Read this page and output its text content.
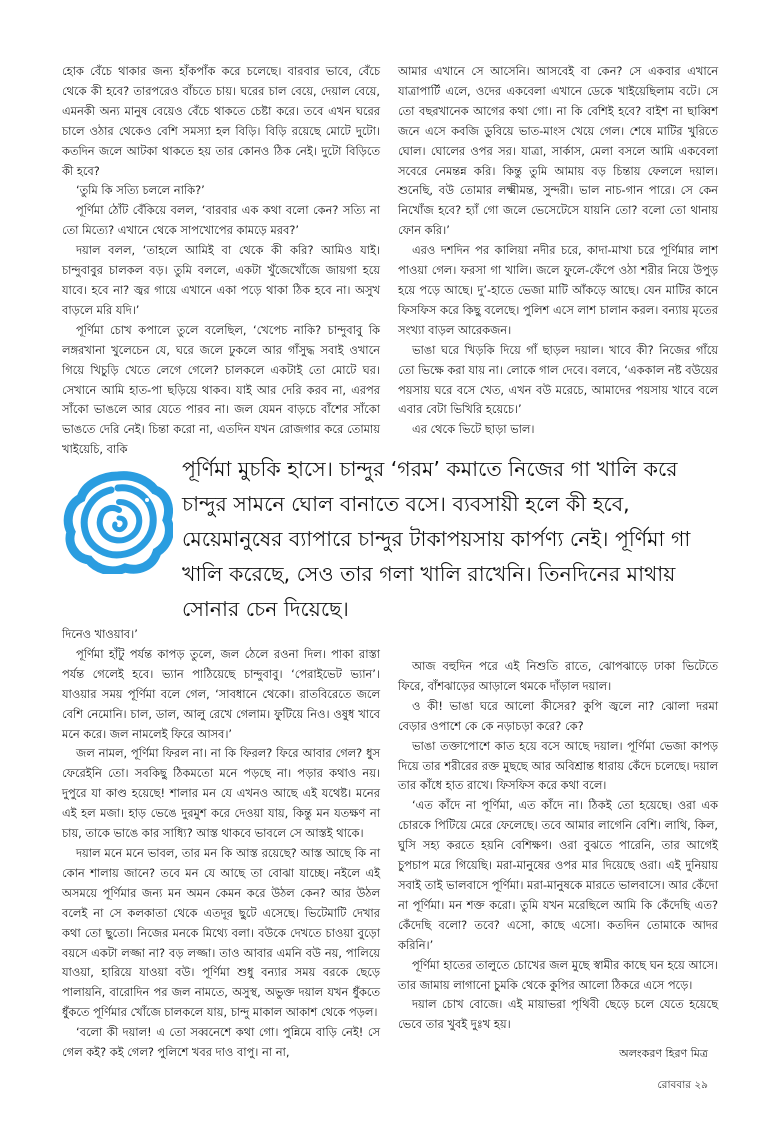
হোক বেঁচে থাকার জন্য হাঁকপাঁক করে চলেছে। বারবার ভাবে, বেঁচে থেকে কী হবে? তারপরেও বাঁচতে চায়। ঘরের চাল বেয়ে, দেয়াল বেয়ে, এমনকী অন্য মানুষ বেয়েও বেঁচে থাকতে চেষ্টা করে। তবে এখন ঘরের চালে ওঠার থেকেও বেশি সমস্যা হল বিড়ি। বিড়ি রয়েছে মোটে দুটো। কতদিন জলে আটকা থাকতে হয় তার কোনও ঠিক নেই। দুটো বিড়িতে কী হবে?

‘তুমি কি সত্যি চললে নাকি?’

পূর্ণিমা ঠোঁট বেঁকিয়ে বলল, ‘বারবার এক কথা বলো কেন? সত্যি না তো মিত্যে? এখানে থেকে সাপখোপের কামড়ে মরব?’

দয়াল বলল, ‘তাহলে আমিই বা থেকে কী করি? আমিও যাই। চান্দুবাবুর চালকল বড়। তুমি বললে, একটা খুঁজেখোঁজে জায়গা হয়ে যাবে। হবে না? জ্বর গায়ে এখানে একা পড়ে থাকা ঠিক হবে না। অসুখ বাড়লে মরি যদি।’

পূর্ণিমা চোখ কপালে তুলে বলেছিল, ‘খেপেচ নাকি? চান্দুবাবু কি লঙ্গরখানা খুলেচেন যে, ঘরে জলে ঢুকলে আর গাঁসুদ্ধ সবাই ওখানে গিয়ে খিচুড়ি খেতে লেগে গেলে? চালকলে একটাই তো মোটে ঘর। সেখানে আমি হাত-পা ছড়িয়ে থাকব। যাই আর দেরি করব না, এরপর সাঁকো ভাঙলে আর যেতে পারব না। জল যেমন বাড়চে বাঁশের সাঁকো ভাঙতে দেরি নেই। চিন্তা করো না, এতদিন যখন রোজগার করে তোমায় খাইয়েচি, বাকি

আমার এখানে সে আসেনি। আসবেই বা কেন? সে একবার এখানে যাত্রাপার্টি এলে, ওদের একবেলা এখানে ডেকে খাইয়েছিলাম বটে। সে তো বছরখানেক আগের কথা গো। না কি বেশিই হবে? বাইশ না ছাব্বিশ জনে এসে কবজি ডুবিয়ে ভাত-মাংস খেয়ে গেল। শেষে মাটির খুরিতে ঘোল। ঘোলের ওপর সর। যাত্রা, সার্কাস, মেলা বসলে আমি একবেলা সবেরে নেমন্তন্ন করি। কিন্তু তুমি আমায় বড় চিন্তায় ফেললে দয়াল। শুনেছি, বউ তোমার লক্ষ্মীমন্ত, সুন্দরী। ভাল নাচ-গান পারে। সে কেন নিখোঁজ হবে? হ্যাঁ গো জলে ভেসেটেসে যায়নি তো? বলো তো থানায় ফোন করি।’

এরও দশদিন পর কালিয়া নদীর চরে, কাদা-মাখা চরে পূর্ণিমার লাশ পাওয়া গেল। ফরসা গা খালি। জলে ফুলে-ফেঁপে ওঠা শরীর নিয়ে উপুড় হয়ে পড়ে আছে। দু’-হাতে ভেজা মাটি আঁকড়ে আছে। যেন মাটির কানে ফিসফিস করে কিছু বলেছে। পুলিশ এসে লাশ চালান করল। বন্যায় মৃতের সংখ্যা বাড়ল আরেকজন।

ভাঙা ঘরে খিড়কি দিয়ে গাঁ ছাড়ল দয়াল। খাবে কী? নিজের গাঁয়ে তো ভিক্ষে করা যায় না। লোকে গাল দেবে। বলবে, ‘এককাল নষ্ট বউয়ের পয়সায় ঘরে বসে খেত, এখন বউ মরেচে, আমাদের পয়সায় খাবে বলে এবার বেটা ভিখিরি হয়েচে।’

এর থেকে ভিটে ছাড়া ভাল।

পূর্ণিমা মুচকি হাসে। চান্দুর ‘গরম’ কমাতে নিজের গা খালি করে চান্দুর সামনে ঘোল বানাতে বসে। ব্যবসায়ী হলে কী হবে, মেয়েমানুষের ব্যাপারে চান্দুর টাকাপয়সায় কার্পণ্য নেই। পূর্ণিমা গা খালি করেছে, সেও তার গলা খালি রাখেনি। তিনদিনের মাথায় সোনার চেন দিয়েছে।

দিনেও খাওয়াব।’

পূর্ণিমা হাঁটু পর্যন্ত কাপড় তুলে, জল ঠেলে রওনা দিল। পাকা রাস্তা পর্যন্ত গেলেই হবে। ভ্যান পাঠিয়েছে চান্দুবাবু। ‘পেরাইভেট ভ্যান’। যাওয়ার সময় পূর্ণিমা বলে গেল, ‘সাবধানে থেকো। রাতবিরেতে জলে বেশি নেমোনি। চাল, ডাল, আলু রেখে গেলাম। ফুটিয়ে নিও। ওষুধ খাবে মনে করে। জল নামলেই ফিরে আসব।’

জল নামল, পূর্ণিমা ফিরল না। না কি ফিরল? ফিরে আবার গেল? ধুস ফেরেইনি তো। সবকিছু ঠিকমতো মনে পড়ছে না। পড়ার কথাও নয়। দুপুরে যা কাণ্ড হয়েছে! শালার মন যে এখনও আছে এই যথেষ্ট। মনের এই হল মজা। হাড় ভেঙে দুরমুশ করে দেওয়া যায়, কিন্তু মন যতক্ষণ না চায়, তাকে ভাঙে কার সাধ্যি? আস্ত থাকবে ভাবলে সে আস্তই থাকে।

দয়াল মনে মনে ভাবল, তার মন কি আস্ত রয়েছে? আস্ত আছে কি না কোন শালায় জানে? তবে মন যে আছে তা বোঝা যাচ্ছে। নইলে এই অসময়ে পূর্ণিমার জন্য মন অমন কেমন করে উঠল কেন? আর উঠল বলেই না সে কলকাতা থেকে এতদূর ছুটে এসেছে। ভিটেমাটি দেখার কথা তো ছুতো। নিজের মনকে মিথ্যে বলা। বউকে দেখতে চাওয়া বুড়ো বয়সে একটা লজ্জা না? বড় লজ্জা। তাও আবার এমনি বউ নয়, পালিয়ে যাওয়া, হারিয়ে যাওয়া বউ। পূর্ণিমা শুধু বন্যার সময় বরকে ছেড়ে পালায়নি, বারোদিন পর জল নামতে, অসুস্থ, অভুক্ত দয়াল যখন ধুঁকতে ধুঁকতে পূর্ণিমার খোঁজে চালকলে যায়, চান্দু মাকাল আকাশ থেকে পড়ল।

‘বলো কী দয়াল! এ তো সব্বনেশে কথা গো। পুন্নিমে বাড়ি নেই! সে গেল কই? কই গেল? পুলিশে খবর দাও বাপু। না না,

আজ বহুদিন পরে এই নিশুতি রাতে, ঝোপঝাড়ে ঢাকা ভিটেতে ফিরে, বাঁশঝাড়ের আড়ালে থমকে দাঁড়াল দয়াল।

ও কী! ভাঙা ঘরে আলো কীসের? কুপি জ্বলে না? ঝোলা দরমা বেড়ার ওপাশে কে কে নড়াচড়া করে? কে?

ভাঙা তক্তাপোশে কাত হয়ে বসে আছে দয়াল। পূর্ণিমা ভেজা কাপড় দিয়ে তার শরীরের রক্ত মুছছে আর অবিশ্রান্ত ধারায় কেঁদে চলেছে। দয়াল তার কাঁধে হাত রাখে। ফিসফিস করে কথা বলে।

‘এত কাঁদে না পূর্ণিমা, এত কাঁদে না। ঠিকই তো হয়েছে। ওরা এক চোরকে পিটিয়ে মেরে ফেলেছে। তবে আমার লাগেনি বেশি। লাথি, কিল, ঘুসি সহ্য করতে হয়নি বেশিক্ষণ। ওরা বুঝতে পারেনি, তার আগেই চুপচাপ মরে গিয়েছি। মরা-মানুষের ওপর মার দিয়েছে ওরা। এই দুনিয়ায় সবাই তাই ভালবাসে পূর্ণিমা। মরা-মানুষকে মারতে ভালবাসে। আর কেঁদো না পূর্ণিমা। মন শক্ত করো। তুমি যখন মরেছিলে আমি কি কেঁদেছি এত? কেঁদেছি বলো? তবে? এসো, কাছে এসো। কতদিন তোমাকে আদর করিনি।’

পূর্ণিমা হাতের তালুতে চোখের জল মুছে স্বামীর কাছে ঘন হয়ে আসে। তার জামায় লাগানো চুমকি থেকে কুপির আলো ঠিকরে এসে পড়ে।

দয়াল চোখ বোজে। এই মায়াভরা পৃথিবী ছেড়ে চলে যেতে হয়েছে ভেবে তার খুবই দুঃখ হয়।

অলংকরণ হিরণ মিত্র
রোববার ২৯
